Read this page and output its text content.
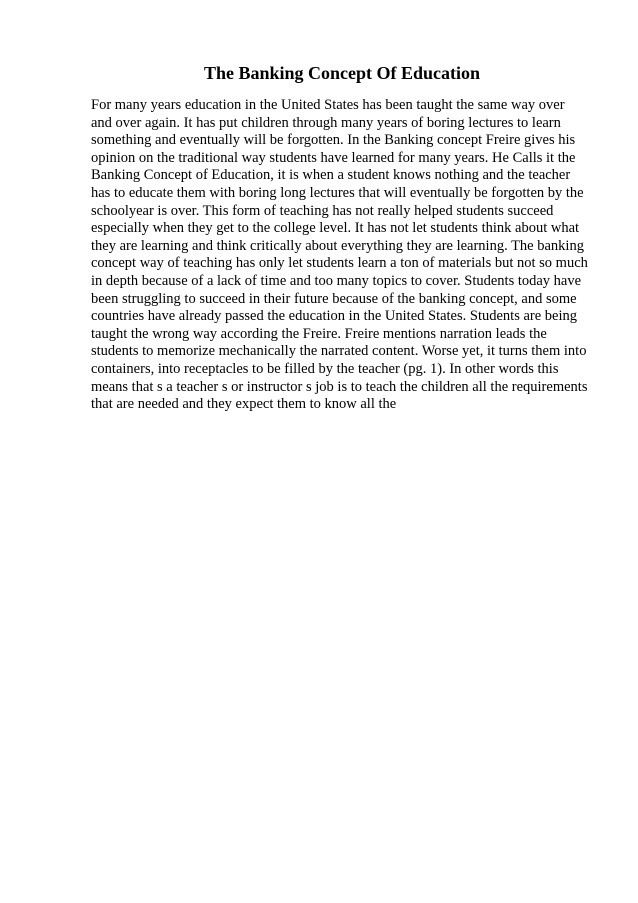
The Banking Concept Of Education
For many years education in the United States has been taught the same way over
and over again. It has put children through many years of boring lectures to learn
something and eventually will be forgotten. In the Banking concept Freire gives his
opinion on the traditional way students have learned for many years. He Calls it the
Banking Concept of Education, it is when a student knows nothing and the teacher
has to educate them with boring long lectures that will eventually be forgotten by the
schoolyear is over. This form of teaching has not really helped students succeed
especially when they get to the college level. It has not let students think about what
they are learning and think critically about everything they are learning. The banking
concept way of teaching has only let students learn a ton of materials but not so much
in depth because of a lack of time and too many topics to cover. Students today have
been struggling to succeed in their future because of the banking concept, and some
countries have already passed the education in the United States. Students are being
taught the wrong way according the Freire. Freire mentions narration leads the
students to memorize mechanically the narrated content. Worse yet, it turns them into
containers, into receptacles to be filled by the teacher (pg. 1). In other words this
means that s a teacher s or instructor s job is to teach the children all the requirements
that are needed and they expect them to know all the
